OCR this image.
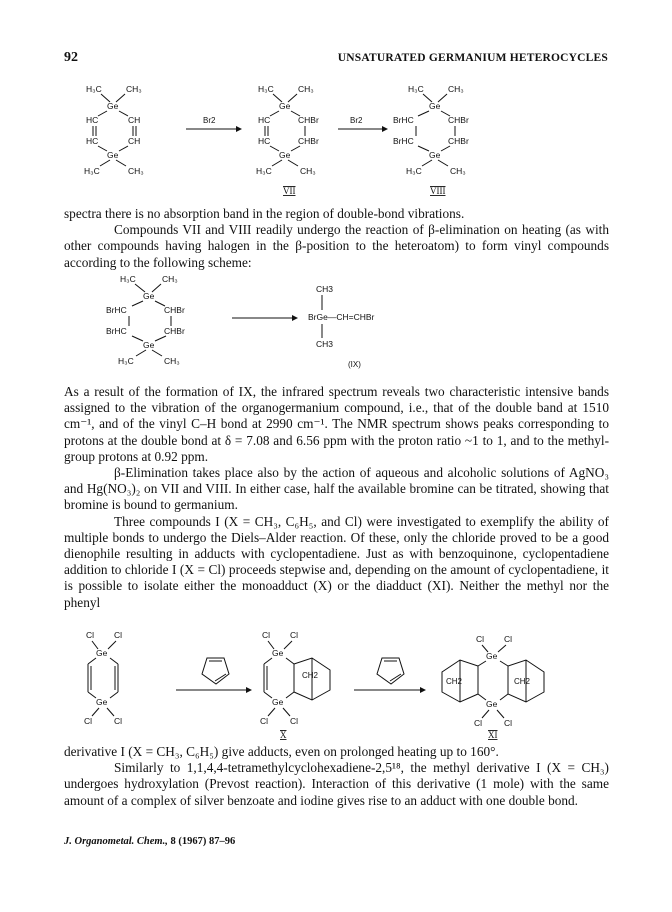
92	UNSATURATED GERMANIUM HETEROCYCLES
H₃C	CH₃
Ge
HC	CH
HC	CH
Ge
H₃C	CH₃
Br2
H₃C	CH₃
Ge
HC	CHBr
HC	CHBr
Ge
H₃C	CH₃
Br2
H₃C	CH₃
Ge
BrHC	CHBr
BrHC	CHBr
Ge
H₃C	CH₃
VII	VIII

spectra there is no absorption band in the region of double-bond vibrations.

Compounds VII and VIII readily undergo the reaction of β-elimination on heating (as with other compounds having halogen in the β-position to the heteroatom) to form vinyl compounds according to the following scheme:

H₃C	CH₃
Ge
BrHC	CHBr
BrHC	CHBr
Ge
H₃C	CH₃
CH3
BrGe—CH=CHBr
CH3
(IX)

As a result of the formation of IX, the infrared spectrum reveals two characteristic intensive bands assigned to the vibration of the organogermanium compound, i.e., that of the double band at 1510 cm⁻¹, and of the vinyl C–H bond at 2990 cm⁻¹. The NMR spectrum shows peaks corresponding to protons at the double bond at δ = 7.08 and 6.56 ppm with the proton ratio ~1 to 1, and to the methyl-group protons at 0.92 ppm.

β-Elimination takes place also by the action of aqueous and alcoholic solutions of AgNO₃ and Hg(NO₃)₂ on VII and VIII. In either case, half the available bromine can be titrated, showing that bromine is bound to germanium.

Three compounds I (X = CH₃, C₆H₅, and Cl) were investigated to exemplify the ability of multiple bonds to undergo the Diels–Alder reaction. Of these, only the chloride proved to be a good dienophile resulting in adducts with cyclopentadiene. Just as with benzoquinone, cyclopentadiene addition to chloride I (X = Cl) proceeds stepwise and, depending on the amount of cyclopentadiene, it is possible to isolate either the monoadduct (X) or the diadduct (XI). Neither the methyl nor the phenyl

Cl Cl
Ge
Ge
Cl	Cl
Cl Cl
Ge
Ge
Cl	Cl
CH2
Cl Cl
Ge
Ge
Cl	Cl
CH2	CH2
X	XI

derivative I (X = CH₃, C₆H₅) give adducts, even on prolonged heating up to 160°.

Similarly to 1,1,4,4-tetramethylcyclohexadiene-2,5¹⁸, the methyl derivative I (X = CH₃) undergoes hydroxylation (Prevost reaction). Interaction of this derivative (1 mole) with the same amount of a complex of silver benzoate and iodine gives rise to an adduct with one double bond.

J. Organometal. Chem., 8 (1967) 87–96
